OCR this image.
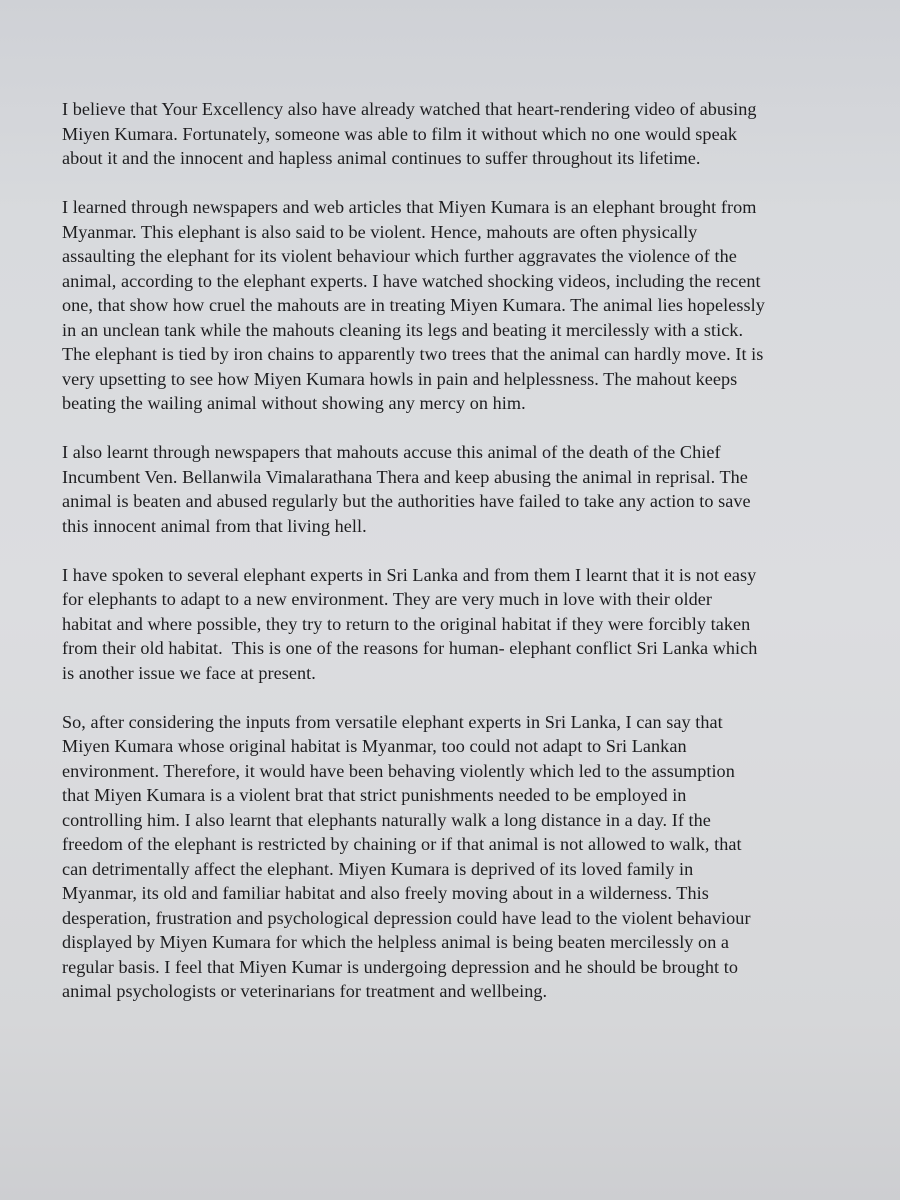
I believe that Your Excellency also have already watched that heart-rendering video of abusing
Miyen Kumara. Fortunately, someone was able to film it without which no one would speak
about it and the innocent and hapless animal continues to suffer throughout its lifetime.

I learned through newspapers and web articles that Miyen Kumara is an elephant brought from
Myanmar. This elephant is also said to be violent. Hence, mahouts are often physically
assaulting the elephant for its violent behaviour which further aggravates the violence of the
animal, according to the elephant experts. I have watched shocking videos, including the recent
one, that show how cruel the mahouts are in treating Miyen Kumara. The animal lies hopelessly
in an unclean tank while the mahouts cleaning its legs and beating it mercilessly with a stick.
The elephant is tied by iron chains to apparently two trees that the animal can hardly move. It is
very upsetting to see how Miyen Kumara howls in pain and helplessness. The mahout keeps
beating the wailing animal without showing any mercy on him.

I also learnt through newspapers that mahouts accuse this animal of the death of the Chief
Incumbent Ven. Bellanwila Vimalarathana Thera and keep abusing the animal in reprisal. The
animal is beaten and abused regularly but the authorities have failed to take any action to save
this innocent animal from that living hell.

I have spoken to several elephant experts in Sri Lanka and from them I learnt that it is not easy
for elephants to adapt to a new environment. They are very much in love with their older
habitat and where possible, they try to return to the original habitat if they were forcibly taken
from their old habitat.  This is one of the reasons for human- elephant conflict Sri Lanka which
is another issue we face at present.

So, after considering the inputs from versatile elephant experts in Sri Lanka, I can say that
Miyen Kumara whose original habitat is Myanmar, too could not adapt to Sri Lankan
environment. Therefore, it would have been behaving violently which led to the assumption
that Miyen Kumara is a violent brat that strict punishments needed to be employed in
controlling him. I also learnt that elephants naturally walk a long distance in a day. If the
freedom of the elephant is restricted by chaining or if that animal is not allowed to walk, that
can detrimentally affect the elephant. Miyen Kumara is deprived of its loved family in
Myanmar, its old and familiar habitat and also freely moving about in a wilderness. This
desperation, frustration and psychological depression could have lead to the violent behaviour
displayed by Miyen Kumara for which the helpless animal is being beaten mercilessly on a
regular basis. I feel that Miyen Kumar is undergoing depression and he should be brought to
animal psychologists or veterinarians for treatment and wellbeing.
